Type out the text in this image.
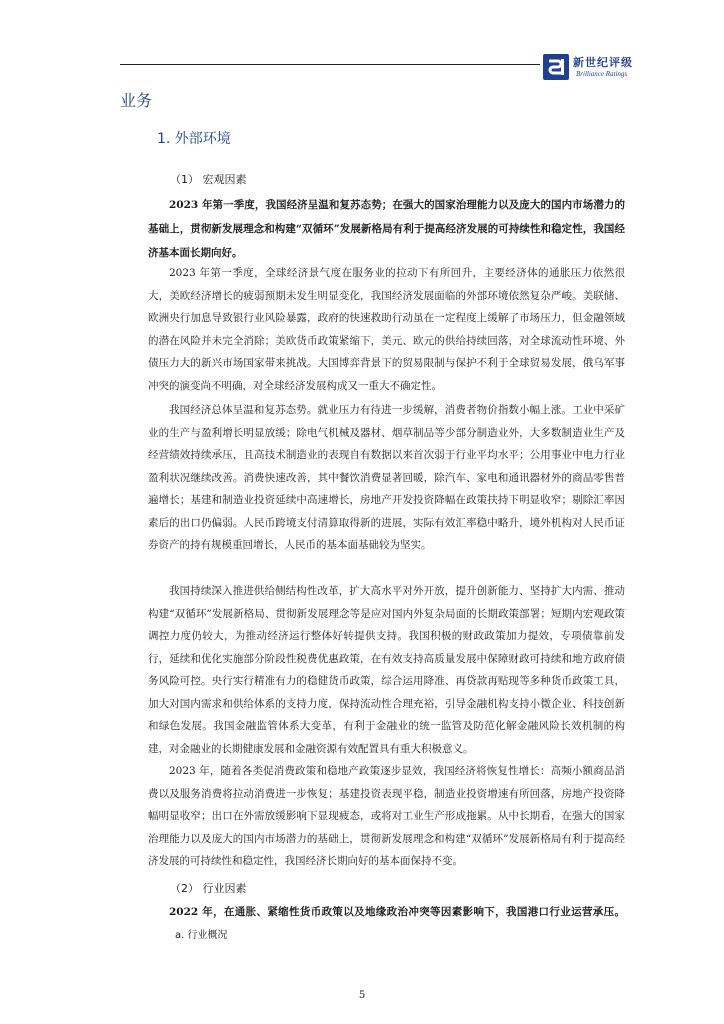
新世纪评级
Brilliance Ratings
业务
1. 外部环境
（1） 宏观因素

2023 年第一季度，我国经济呈温和复苏态势；在强大的国家治理能力以及庞大的国内市场潜力的基础上，贯彻新发展理念和构建“双循环”发展新格局有利于提高经济发展的可持续性和稳定性，我国经济基本面长期向好。

2023 年第一季度，全球经济景气度在服务业的拉动下有所回升，主要经济体的通胀压力依然很大，美欧经济增长的疲弱预期未发生明显变化，我国经济发展面临的外部环境依然复杂严峻。美联储、欧洲央行加息导致银行业风险暴露，政府的快速救助行动虽在一定程度上缓解了市场压力，但金融领域的潜在风险并未完全消除；美欧货币政策紧缩下，美元、欧元的供给持续回落，对全球流动性环境、外债压力大的新兴市场国家带来挑战。大国博弈背景下的贸易限制与保护不利于全球贸易发展，俄乌军事冲突的演变尚不明确，对全球经济发展构成又一重大不确定性。

我国经济总体呈温和复苏态势。就业压力有待进一步缓解，消费者物价指数小幅上涨。工业中采矿业的生产与盈利增长明显放缓；除电气机械及器材、烟草制品等少部分制造业外，大多数制造业生产及经营绩效持续承压，且高技术制造业的表现自有数据以来首次弱于行业平均水平；公用事业中电力行业盈利状况继续改善。消费快速改善，其中餐饮消费显著回暖，除汽车、家电和通讯器材外的商品零售普遍增长；基建和制造业投资延续中高速增长，房地产开发投资降幅在政策扶持下明显收窄；剔除汇率因素后的出口仍偏弱。人民币跨境支付清算取得新的进展，实际有效汇率稳中略升，境外机构对人民币证券资产的持有规模重回增长，人民币的基本面基础较为坚实。

我国持续深入推进供给侧结构性改革，扩大高水平对外开放，提升创新能力、坚持扩大内需、推动构建“双循环”发展新格局、贯彻新发展理念等是应对国内外复杂局面的长期政策部署；短期内宏观政策调控力度仍较大，为推动经济运行整体好转提供支持。我国积极的财政政策加力提效，专项债靠前发行，延续和优化实施部分阶段性税费优惠政策，在有效支持高质量发展中保障财政可持续和地方政府债务风险可控。央行实行精准有力的稳健货币政策，综合运用降准、再贷款再贴现等多种货币政策工具，加大对国内需求和供给体系的支持力度，保持流动性合理充裕，引导金融机构支持小微企业、科技创新和绿色发展。我国金融监管体系大变革，有利于金融业的统一监管及防范化解金融风险长效机制的构建，对金融业的长期健康发展和金融资源有效配置具有重大积极意义。

2023 年，随着各类促消费政策和稳地产政策逐步显效，我国经济将恢复性增长：高频小额商品消费以及服务消费将拉动消费进一步恢复；基建投资表现平稳，制造业投资增速有所回落，房地产投资降幅明显收窄；出口在外需放缓影响下显现疲态，或将对工业生产形成拖累。从中长期看，在强大的国家治理能力以及庞大的国内市场潜力的基础上，贯彻新发展理念和构建“双循环”发展新格局有利于提高经济发展的可持续性和稳定性，我国经济长期向好的基本面保持不变。

（2） 行业因素

2022 年，在通胀、紧缩性货币政策以及地缘政治冲突等因素影响下，我国港口行业运营承压。

a. 行业概况
5
